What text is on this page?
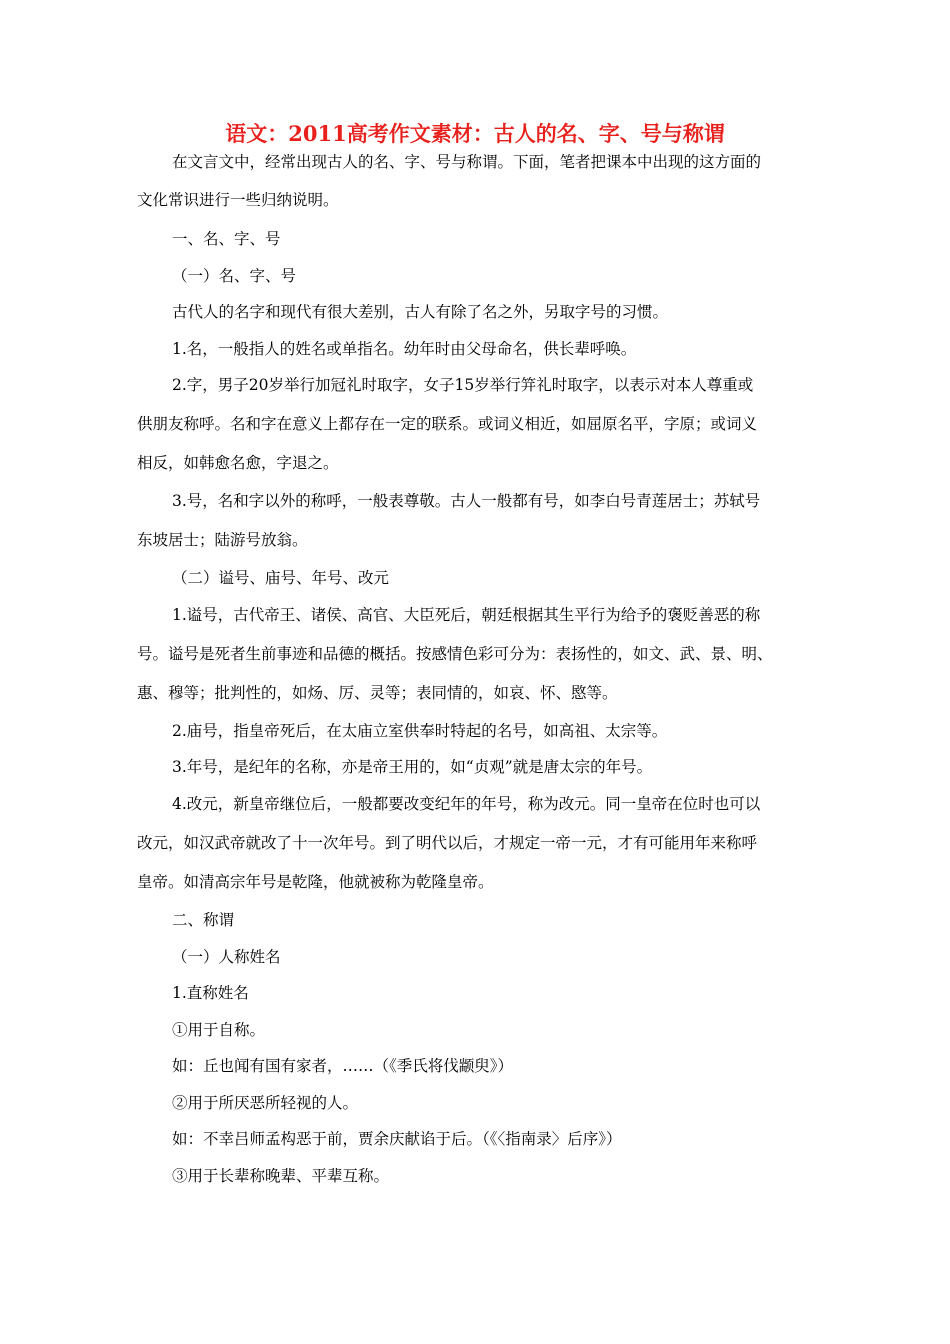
语文：2011高考作文素材：古人的名、字、号与称谓
在文言文中，经常出现古人的名、字、号与称谓。下面，笔者把课本中出现的这方面的
文化常识进行一些归纳说明。
一、名、字、号
（一）名、字、号
古代人的名字和现代有很大差别，古人有除了名之外，另取字号的习惯。
1.名，一般指人的姓名或单指名。幼年时由父母命名，供长辈呼唤。
2.字，男子20岁举行加冠礼时取字，女子15岁举行笄礼时取字，以表示对本人尊重或
供朋友称呼。名和字在意义上都存在一定的联系。或词义相近，如屈原名平，字原；或词义
相反，如韩愈名愈，字退之。
3.号，名和字以外的称呼，一般表尊敬。古人一般都有号，如李白号青莲居士；苏轼号
东坡居士；陆游号放翁。
（二）谥号、庙号、年号、改元
1.谥号，古代帝王、诸侯、高官、大臣死后，朝廷根据其生平行为给予的褒贬善恶的称
号。谥号是死者生前事迹和品德的概括。按感情色彩可分为：表扬性的，如文、武、景、明、
惠、穆等；批判性的，如炀、厉、灵等；表同情的，如哀、怀、愍等。
2.庙号，指皇帝死后，在太庙立室供奉时特起的名号，如高祖、太宗等。
3.年号，是纪年的名称，亦是帝王用的，如“贞观”就是唐太宗的年号。
4.改元，新皇帝继位后，一般都要改变纪年的年号，称为改元。同一皇帝在位时也可以
改元，如汉武帝就改了十一次年号。到了明代以后，才规定一帝一元，才有可能用年来称呼
皇帝。如清高宗年号是乾隆，他就被称为乾隆皇帝。
二、称谓
（一）人称姓名
1.直称姓名
①用于自称。
如：丘也闻有国有家者，……（《季氏将伐颛臾》）
②用于所厌恶所轻视的人。
如：不幸吕师孟构恶于前，贾余庆献谄于后。（《〈指南录〉后序》）
③用于长辈称晚辈、平辈互称。
